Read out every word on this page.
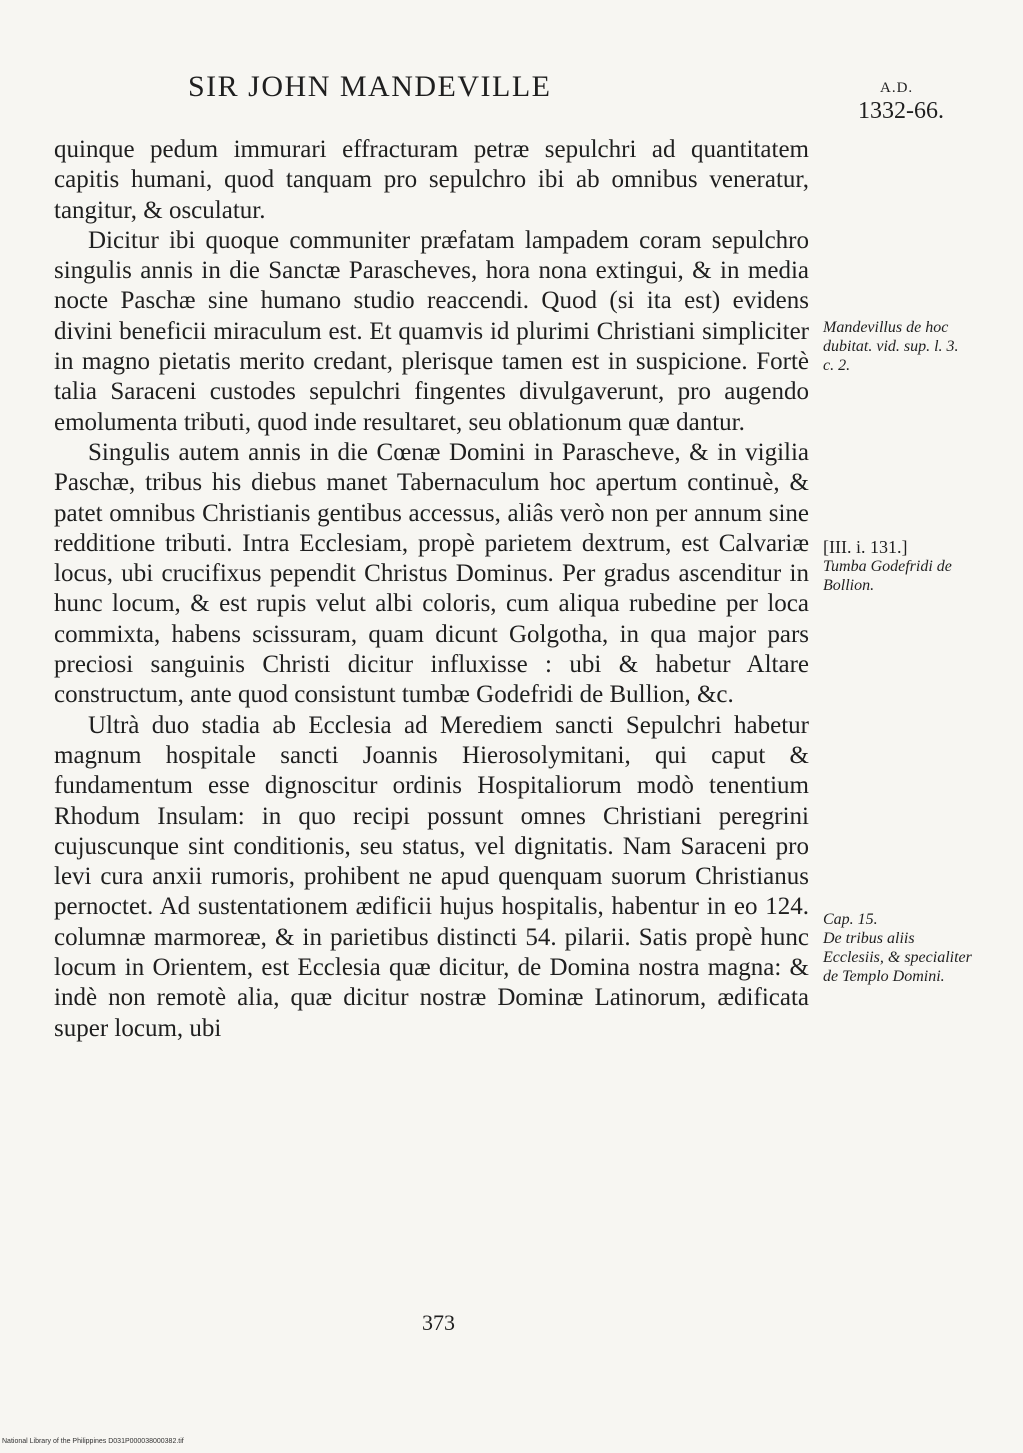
SIR JOHN MANDEVILLE	A.D.
1332-66.

quinque pedum immurari effracturam petræ sepulchri ad quantitatem capitis humani, quod tanquam pro sepulchro ibi ab omnibus veneratur, tangitur, & osculatur.

Dicitur ibi quoque communiter præfatam lampadem coram sepulchro singulis annis in die Sanctæ Parascheves, hora nona extingui, & in media nocte Paschæ sine humano studio reaccendi. Quod (si ita est) evidens divini beneficii miraculum est. Et quamvis id plurimi Christiani simpliciter in magno pietatis merito credant, plerisque tamen est in suspicione. Fortè talia Saraceni custodes sepulchri fingentes divulgaverunt, pro augendo emolumenta tributi, quod inde resultaret, seu oblationum quæ dantur.

Singulis autem annis in die Cœnæ Domini in Parascheve, & in vigilia Paschæ, tribus his diebus manet Tabernaculum hoc apertum continuè, & patet omnibus Christianis gentibus accessus, aliâs verò non per annum sine redditione tributi. Intra Ecclesiam, propè parietem dextrum, est Calvariæ locus, ubi crucifixus pependit Christus Dominus. Per gradus ascenditur in hunc locum, & est rupis velut albi coloris, cum aliqua rubedine per loca commixta, habens scissuram, quam dicunt Golgotha, in qua major pars preciosi sanguinis Christi dicitur influxisse : ubi & habetur Altare constructum, ante quod consistunt tumbæ Godefridi de Bullion, &c.

Ultrà duo stadia ab Ecclesia ad Merediem sancti Sepulchri habetur magnum hospitale sancti Joannis Hierosolymitani, qui caput & fundamentum esse dignoscitur ordinis Hospitaliorum modò tenentium Rhodum Insulam: in quo recipi possunt omnes Christiani peregrini cujuscunque sint conditionis, seu status, vel dignitatis. Nam Saraceni pro levi cura anxii rumoris, prohibent ne apud quenquam suorum Christianus pernoctet. Ad sustentationem ædificii hujus hospitalis, habentur in eo 124. columnæ marmoreæ, & in parietibus distincti 54. pilarii. Satis propè hunc locum in Orientem, est Ecclesia quæ dicitur, de Domina nostra magna: & indè non remotè alia, quæ dicitur nostræ Dominæ Latinorum, ædificata super locum, ubi

Mandevillus de hoc dubitat. vid. sup. l. 3. c. 2.
[III. i. 131.]
Tumba Godefridi de Bollion.
Cap. 15.
De tribus aliis Ecclesiis, & specialiter de Templo Domini.
373
National Library of the Philippines D031P000038000382.tif
